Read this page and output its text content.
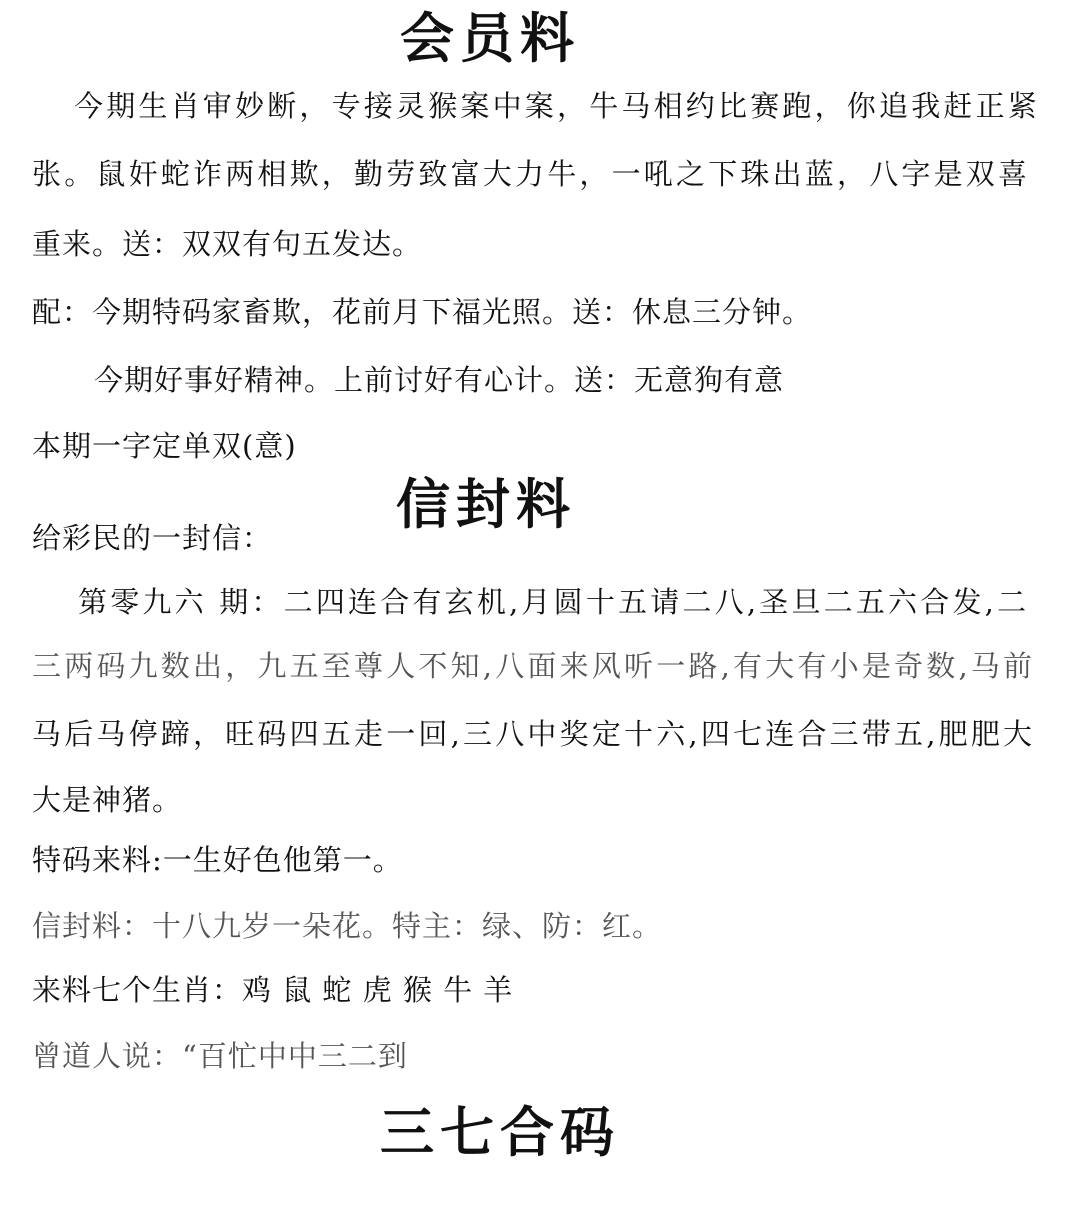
会员料
今期生肖审妙断，专接灵猴案中案，牛马相约比赛跑，你追我赶正紧
张。鼠奸蛇诈两相欺，勤劳致富大力牛，一吼之下珠出蓝，八字是双喜
重来。送：双双有句五发达。
配：今期特码家畜欺，花前月下福光照。送：休息三分钟。
今期好事好精神。上前讨好有心计。送：无意狗有意
本期一字定单双(意)
信封料
给彩民的一封信：
第零九六 期：二四连合有玄机,月圆十五请二八,圣旦二五六合发,二
三两码九数出，九五至尊人不知,八面来风听一路,有大有小是奇数,马前
马后马停蹄，旺码四五走一回,三八中奖定十六,四七连合三带五,肥肥大
大是神猪。
特码来料:一生好色他第一。
信封料：十八九岁一朵花。特主：绿、防：红。
来料七个生肖：鸡 鼠 蛇 虎 猴 牛 羊
曾道人说：“百忙中中三二到
三七合码
